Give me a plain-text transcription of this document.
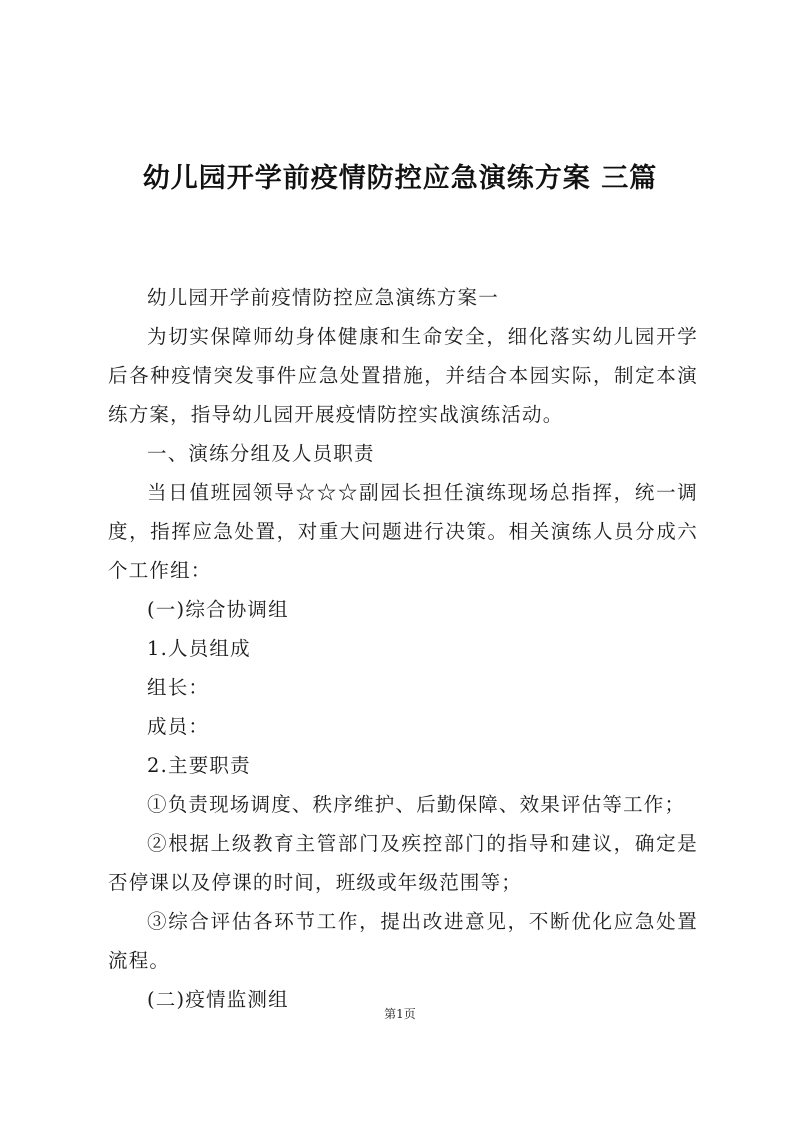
幼儿园开学前疫情防控应急演练方案 三篇

幼儿园开学前疫情防控应急演练方案一

为切实保障师幼身体健康和生命安全，细化落实幼儿园开学后各种疫情突发事件应急处置措施，并结合本园实际，制定本演练方案，指导幼儿园开展疫情防控实战演练活动。

一、演练分组及人员职责

当日值班园领导☆☆☆副园长担任演练现场总指挥，统一调度，指挥应急处置，对重大问题进行决策。相关演练人员分成六个工作组：

(一)综合协调组

1.人员组成

组长：

成员：

2.主要职责

①负责现场调度、秩序维护、后勤保障、效果评估等工作；

②根据上级教育主管部门及疾控部门的指导和建议，确定是否停课以及停课的时间，班级或年级范围等；

③综合评估各环节工作，提出改进意见，不断优化应急处置流程。

(二)疫情监测组

第1页
